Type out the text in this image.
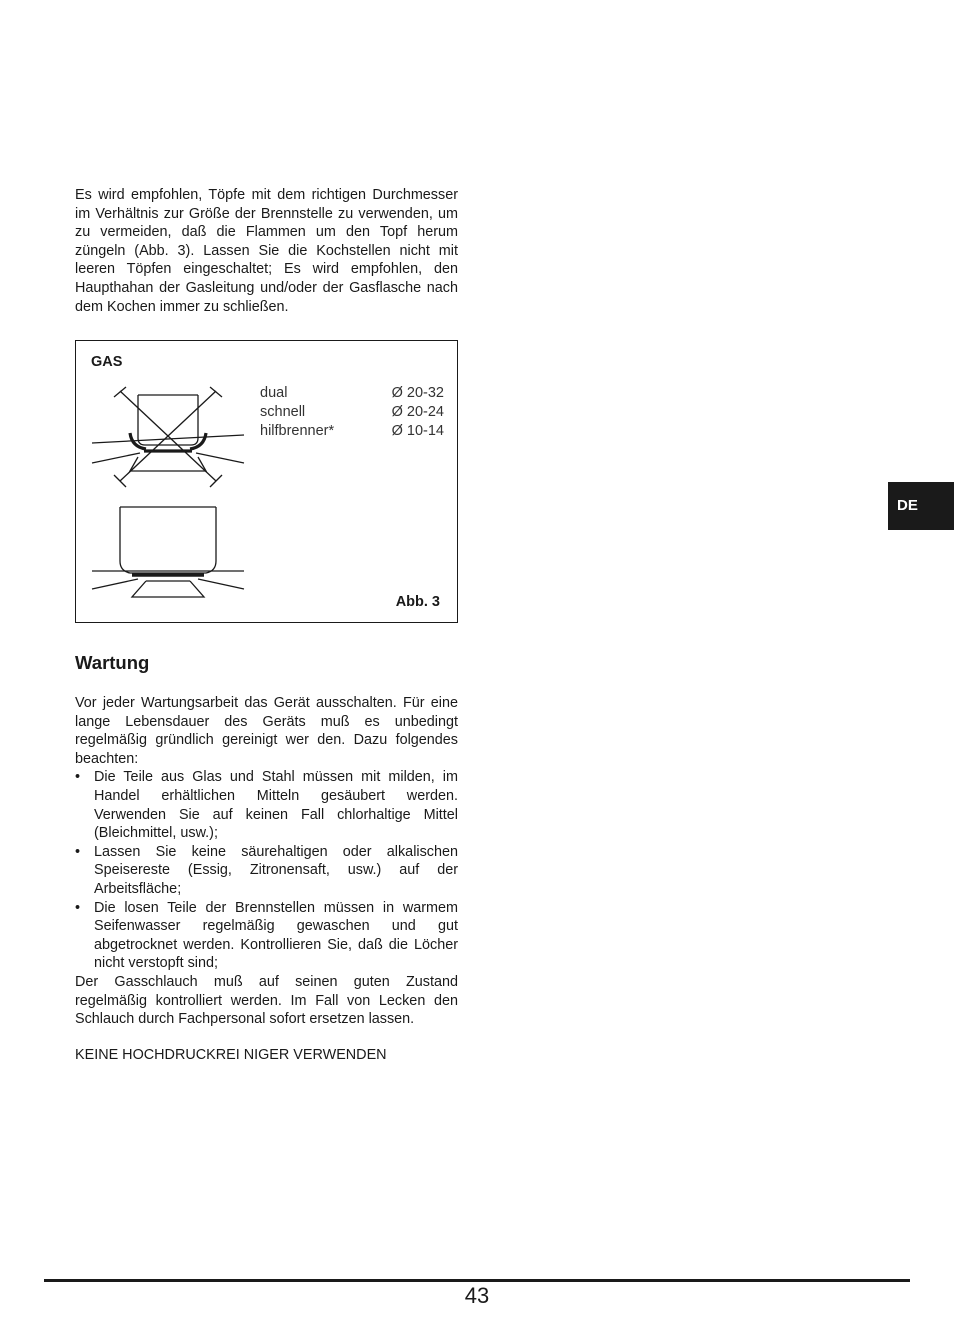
Es wird empfohlen, Töpfe mit dem richtigen Durchmesser im Verhältnis zur Größe der Brennstelle zu verwenden, um zu vermeiden, daß die Flammen um den Topf herum züngeln (Abb. 3). Lassen Sie die Kochstellen nicht mit leeren Töpfen eingeschaltet; Es wird empfohlen, den Haupthahan der Gasleitung und/oder der Gasflasche nach dem Kochen immer zu schließen.

GAS
dual	Ø 20-32
schnell	Ø 20-24
hilfbrenner*	Ø 10-14
Abb. 3
Wartung
Vor jeder Wartungsarbeit das Gerät ausschalten. Für eine lange Lebensdauer des Geräts muß es unbedingt regelmäßig gründlich gereinigt wer den. Dazu folgendes beachten:
• Die Teile aus Glas und Stahl müssen mit milden, im Handel erhältlichen Mitteln gesäubert werden. Verwenden Sie auf keinen Fall chlorhaltige Mittel (Bleichmittel, usw.);
• Lassen Sie keine säurehaltigen oder alkalischen Speisereste (Essig, Zitronensaft, usw.) auf der Arbeitsfläche;
• Die losen Teile der Brennstellen müssen in warmem Seifenwasser regelmäßig gewaschen und gut abgetrocknet werden. Kontrollieren Sie, daß die Löcher nicht verstopft sind;
Der Gasschlauch muß auf seinen guten Zustand regelmäßig kontrolliert werden. Im Fall von Lecken den Schlauch durch Fachpersonal sofort ersetzen lassen.
KEINE HOCHDRUCKREI NIGER VERWENDEN
DE
43
